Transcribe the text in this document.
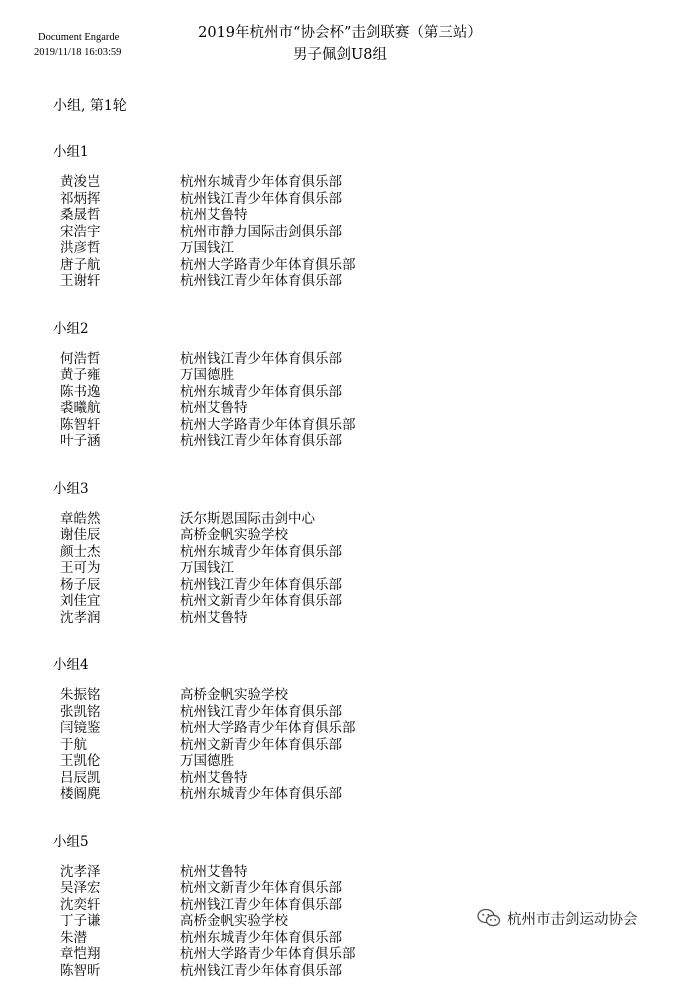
Document Engarde
2019/11/18 16:03:59
2019年杭州市“协会杯”击剑联赛（第三站）
男子佩剑U8组
小组, 第1轮
小组1
黄浚岂	杭州东城青少年体育俱乐部
祁炳挥	杭州钱江青少年体育俱乐部
桑晟哲	杭州艾鲁特
宋浩宇	杭州市静力国际击剑俱乐部
洪彦哲	万国钱江
唐子航	杭州大学路青少年体育俱乐部
王谢轩	杭州钱江青少年体育俱乐部
小组2
何浩哲	杭州钱江青少年体育俱乐部
黄子雍	万国德胜
陈书逸	杭州东城青少年体育俱乐部
裘曦航	杭州艾鲁特
陈智轩	杭州大学路青少年体育俱乐部
叶子涵	杭州钱江青少年体育俱乐部
小组3
章皓然	沃尔斯恩国际击剑中心
谢佳辰	高桥金帆实验学校
颜士杰	杭州东城青少年体育俱乐部
王可为	万国钱江
杨子辰	杭州钱江青少年体育俱乐部
刘佳宜	杭州文新青少年体育俱乐部
沈孝润	杭州艾鲁特
小组4
朱振铭	高桥金帆实验学校
张凯铭	杭州钱江青少年体育俱乐部
闫镜鉴	杭州大学路青少年体育俱乐部
于航	杭州文新青少年体育俱乐部
王凯伦	万国德胜
吕辰凯	杭州艾鲁特
楼阍麂	杭州东城青少年体育俱乐部
小组5
沈孝泽	杭州艾鲁特
吴泽宏	杭州文新青少年体育俱乐部
沈奕轩	杭州钱江青少年体育俱乐部
丁子谦	高桥金帆实验学校
朱潜	杭州东城青少年体育俱乐部
章恺翔	杭州大学路青少年体育俱乐部
陈智昕	杭州钱江青少年体育俱乐部
杭州市击剑运动协会
